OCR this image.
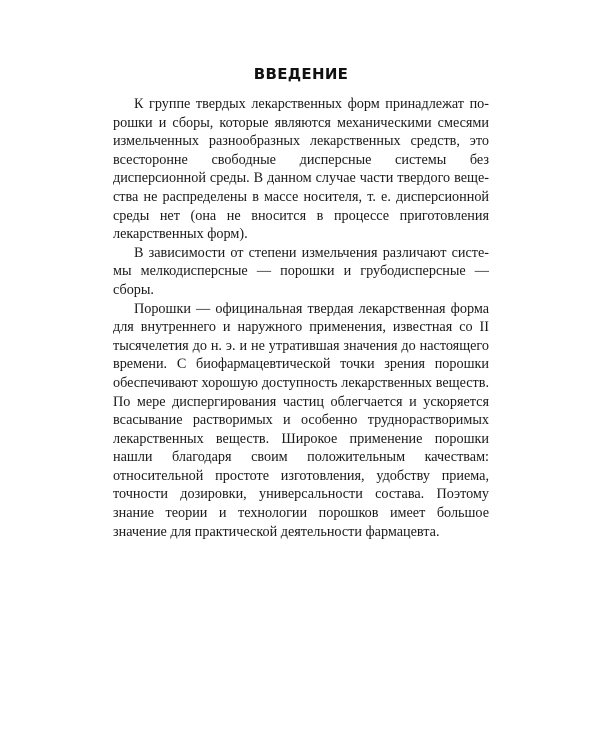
ВВЕДЕНИЕ

К группе твердых лекарственных форм принадлежат порошки и сборы, которые являются механическими смесями измельченных разнообразных лекарственных средств, это всесторонне свободные дисперсные системы без дисперсионной среды. В данном случае части твердого вещества не распределены в массе носителя, т. е. дисперсионной среды нет (она не вносится в процессе приготовления лекарственных форм).

В зависимости от степени измельчения различают системы мелкодисперсные — порошки и грубодисперсные — сборы.

Порошки — официнальная твердая лекарственная форма для внутреннего и наружного применения, известная со II тысячелетия до н. э. и не утратившая значения до настоящего времени. С биофармацевтической точки зрения порошки обеспечивают хорошую доступность лекарственных веществ. По мере диспергирования частиц облегчается и ускоряется всасывание растворимых и особенно труднорастворимых лекарственных веществ. Широкое применение порошки нашли благодаря своим положительным качествам: относительной простоте изготовления, удобству приема, точности дозировки, универсальности состава. Поэтому знание теории и технологии порошков имеет большое значение для практической деятельности фармацевта.
